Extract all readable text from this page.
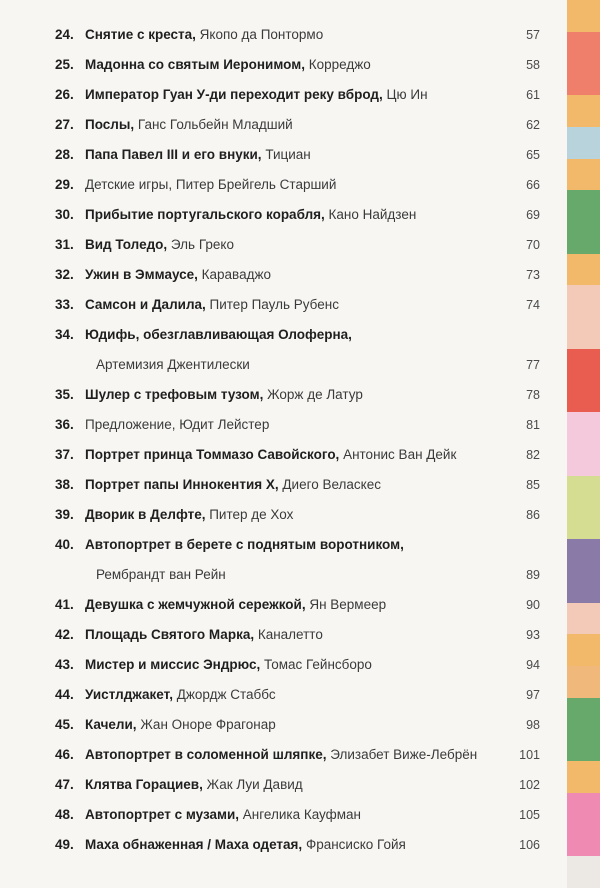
24. Снятие с креста, Якопо да Понтормо	57
25. Мадонна со святым Иеронимом, Корреджо	58
26. Император Гуан У-ди переходит реку вброд, Цю Ин	61
27. Послы, Ганс Гольбейн Младший	62
28. Папа Павел III и его внуки, Тициан	65
29. Детские игры, Питер Брейгель Старший	66
30. Прибытие португальского корабля, Кано Найдзен	69
31. Вид Толедо, Эль Греко	70
32. Ужин в Эммаусе, Караваджо	73
33. Самсон и Далила, Питер Пауль Рубенс	74
34. Юдифь, обезглавливающая Олоферна,
Артемизия Джентилески	77
35. Шулер с трефовым тузом, Жорж де Латур	78
36. Предложение, Юдит Лейстер	81
37. Портрет принца Томмазо Савойского, Антонис Ван Дейк	82
38. Портрет папы Иннокентия Х, Диего Веласкес	85
39. Дворик в Делфте, Питер де Хох	86
40. Автопортрет в берете с поднятым воротником,
Рембрандт ван Рейн	89
41. Девушка с жемчужной сережкой, Ян Вермеер	90
42. Площадь Святого Марка, Каналетто	93
43. Мистер и миссис Эндрюс, Томас Гейнсборо	94
44. Уистлджакет, Джордж Стаббс	97
45. Качели, Жан Оноре Фрагонар	98
46. Автопортрет в соломенной шляпке, Элизабет Виже-Лебрён	101
47. Клятва Горациев, Жак Луи Давид	102
48. Автопортрет с музами, Ангелика Кауфман	105
49. Маха обнаженная / Маха одетая, Франсиско Гойя	106
